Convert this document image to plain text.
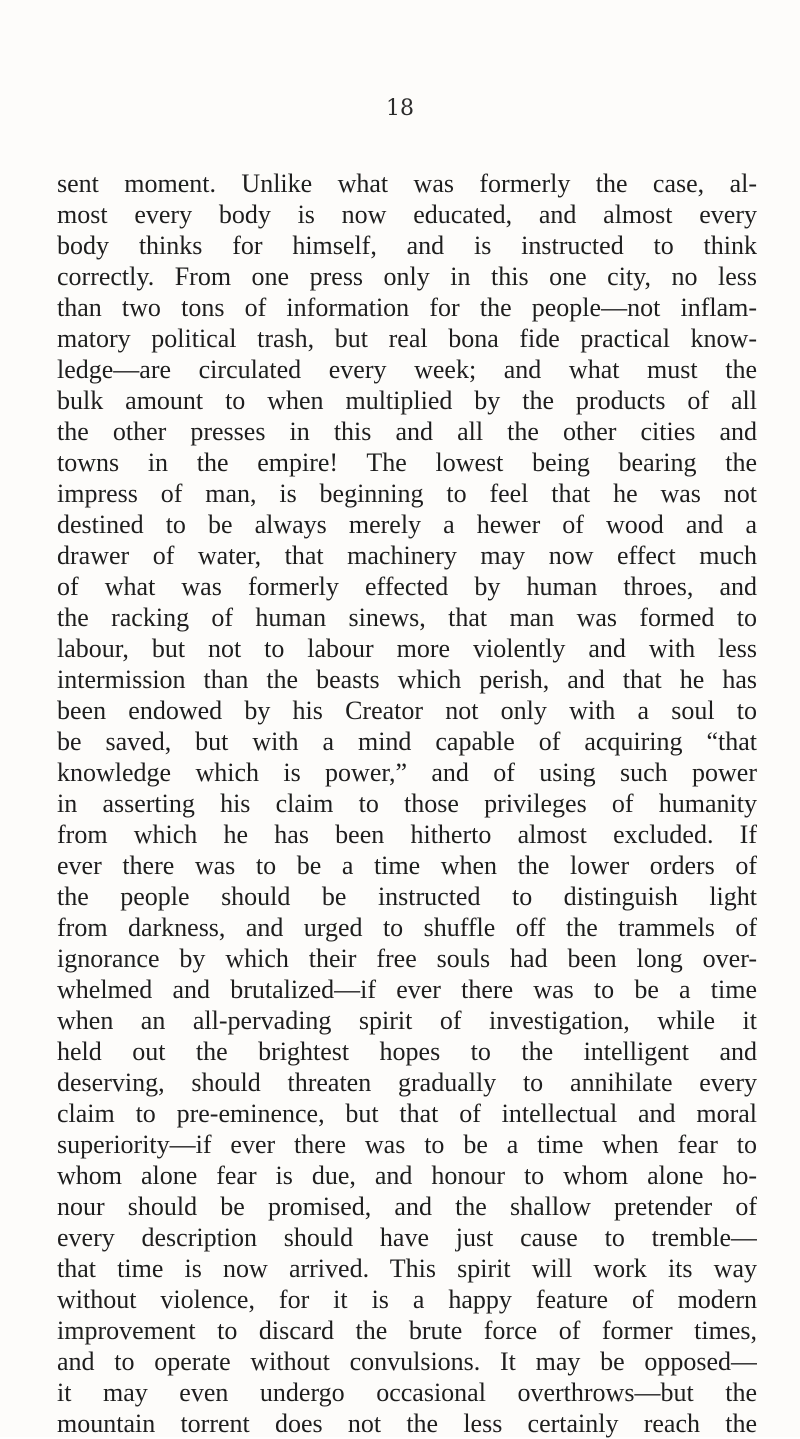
18
sent moment. Unlike what was formerly the case, al-
most every body is now educated, and almost every
body thinks for himself, and is instructed to think
correctly. From one press only in this one city, no less
than two tons of information for the people—not inflam-
matory political trash, but real bona fide practical know-
ledge—are circulated every week; and what must the
bulk amount to when multiplied by the products of all
the other presses in this and all the other cities and
towns in the empire! The lowest being bearing the
impress of man, is beginning to feel that he was not
destined to be always merely a hewer of wood and a
drawer of water, that machinery may now effect much
of what was formerly effected by human throes, and
the racking of human sinews, that man was formed to
labour, but not to labour more violently and with less
intermission than the beasts which perish, and that he has
been endowed by his Creator not only with a soul to
be saved, but with a mind capable of acquiring “that
knowledge which is power,” and of using such power
in asserting his claim to those privileges of humanity
from which he has been hitherto almost excluded. If
ever there was to be a time when the lower orders of
the people should be instructed to distinguish light
from darkness, and urged to shuffle off the trammels of
ignorance by which their free souls had been long over-
whelmed and brutalized—if ever there was to be a time
when an all-pervading spirit of investigation, while it
held out the brightest hopes to the intelligent and
deserving, should threaten gradually to annihilate every
claim to pre-eminence, but that of intellectual and moral
superiority—if ever there was to be a time when fear to
whom alone fear is due, and honour to whom alone ho-
nour should be promised, and the shallow pretender of
every description should have just cause to tremble—
that time is now arrived. This spirit will work its way
without violence, for it is a happy feature of modern
improvement to discard the brute force of former times,
and to operate without convulsions. It may be opposed—
it may even undergo occasional overthrows—but the
mountain torrent does not the less certainly reach the
